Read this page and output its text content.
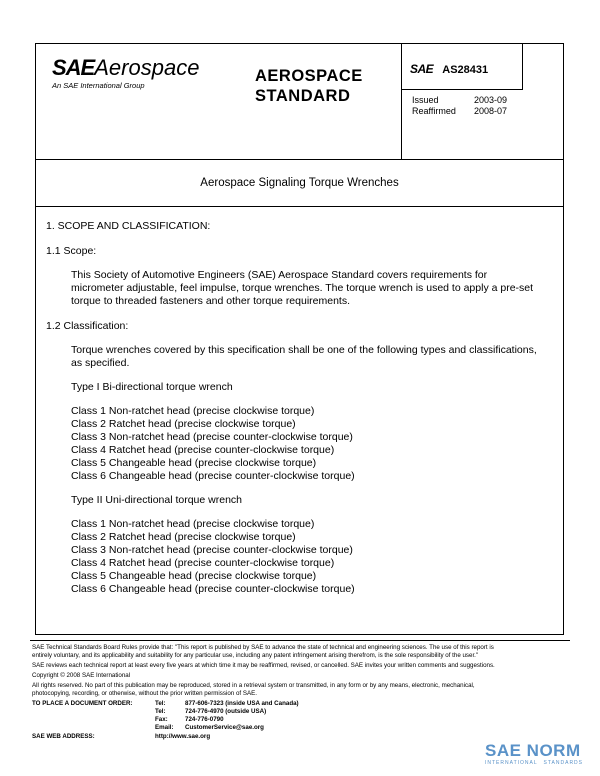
SAEAerospace
An SAE International Group
AEROSPACE
STANDARD
SAE AS28431
Issued	2003-09
Reaffirmed 2008-07
Aerospace Signaling Torque Wrenches
1. SCOPE AND CLASSIFICATION:
1.1 Scope:
This Society of Automotive Engineers (SAE) Aerospace Standard covers requirements for
micrometer adjustable, feel impulse, torque wrenches. The torque wrench is used to apply a pre-set
torque to threaded fasteners and other torque requirements.
1.2 Classification:
Torque wrenches covered by this specification shall be one of the following types and classifications,
as specified.
Type I Bi-directional torque wrench
Class 1 Non-ratchet head (precise clockwise torque)
Class 2 Ratchet head (precise clockwise torque)
Class 3 Non-ratchet head (precise counter-clockwise torque)
Class 4 Ratchet head (precise counter-clockwise torque)
Class 5 Changeable head (precise clockwise torque)
Class 6 Changeable head (precise counter-clockwise torque)
Type II Uni-directional torque wrench
Class 1 Non-ratchet head (precise clockwise torque)
Class 2 Ratchet head (precise clockwise torque)
Class 3 Non-ratchet head (precise counter-clockwise torque)
Class 4 Ratchet head (precise counter-clockwise torque)
Class 5 Changeable head (precise clockwise torque)
Class 6 Changeable head (precise counter-clockwise torque)
SAE Technical Standards Board Rules provide that: "This report is published by SAE to advance the state of technical and engineering sciences. The use of this report is
entirely voluntary, and its applicability and suitability for any particular use, including any patent infringement arising therefrom, is the sole responsibility of the user."
SAE reviews each technical report at least every five years at which time it may be reaffirmed, revised, or cancelled. SAE invites your written comments and suggestions.
Copyright © 2008 SAE International
All rights reserved. No part of this publication may be reproduced, stored in a retrieval system or transmitted, in any form or by any means, electronic, mechanical,
photocopying, recording, or otherwise, without the prior written permission of SAE.
TO PLACE A DOCUMENT ORDER:	Tel:	877-606-7323 (inside USA and Canada)
Tel:	724-776-4970 (outside USA)
Fax:	724-776-0790
Email: CustomerService@sae.org
SAE WEB ADDRESS:	http://www.sae.org
SAE NORM
INTERNATIONAL STANDARDS
